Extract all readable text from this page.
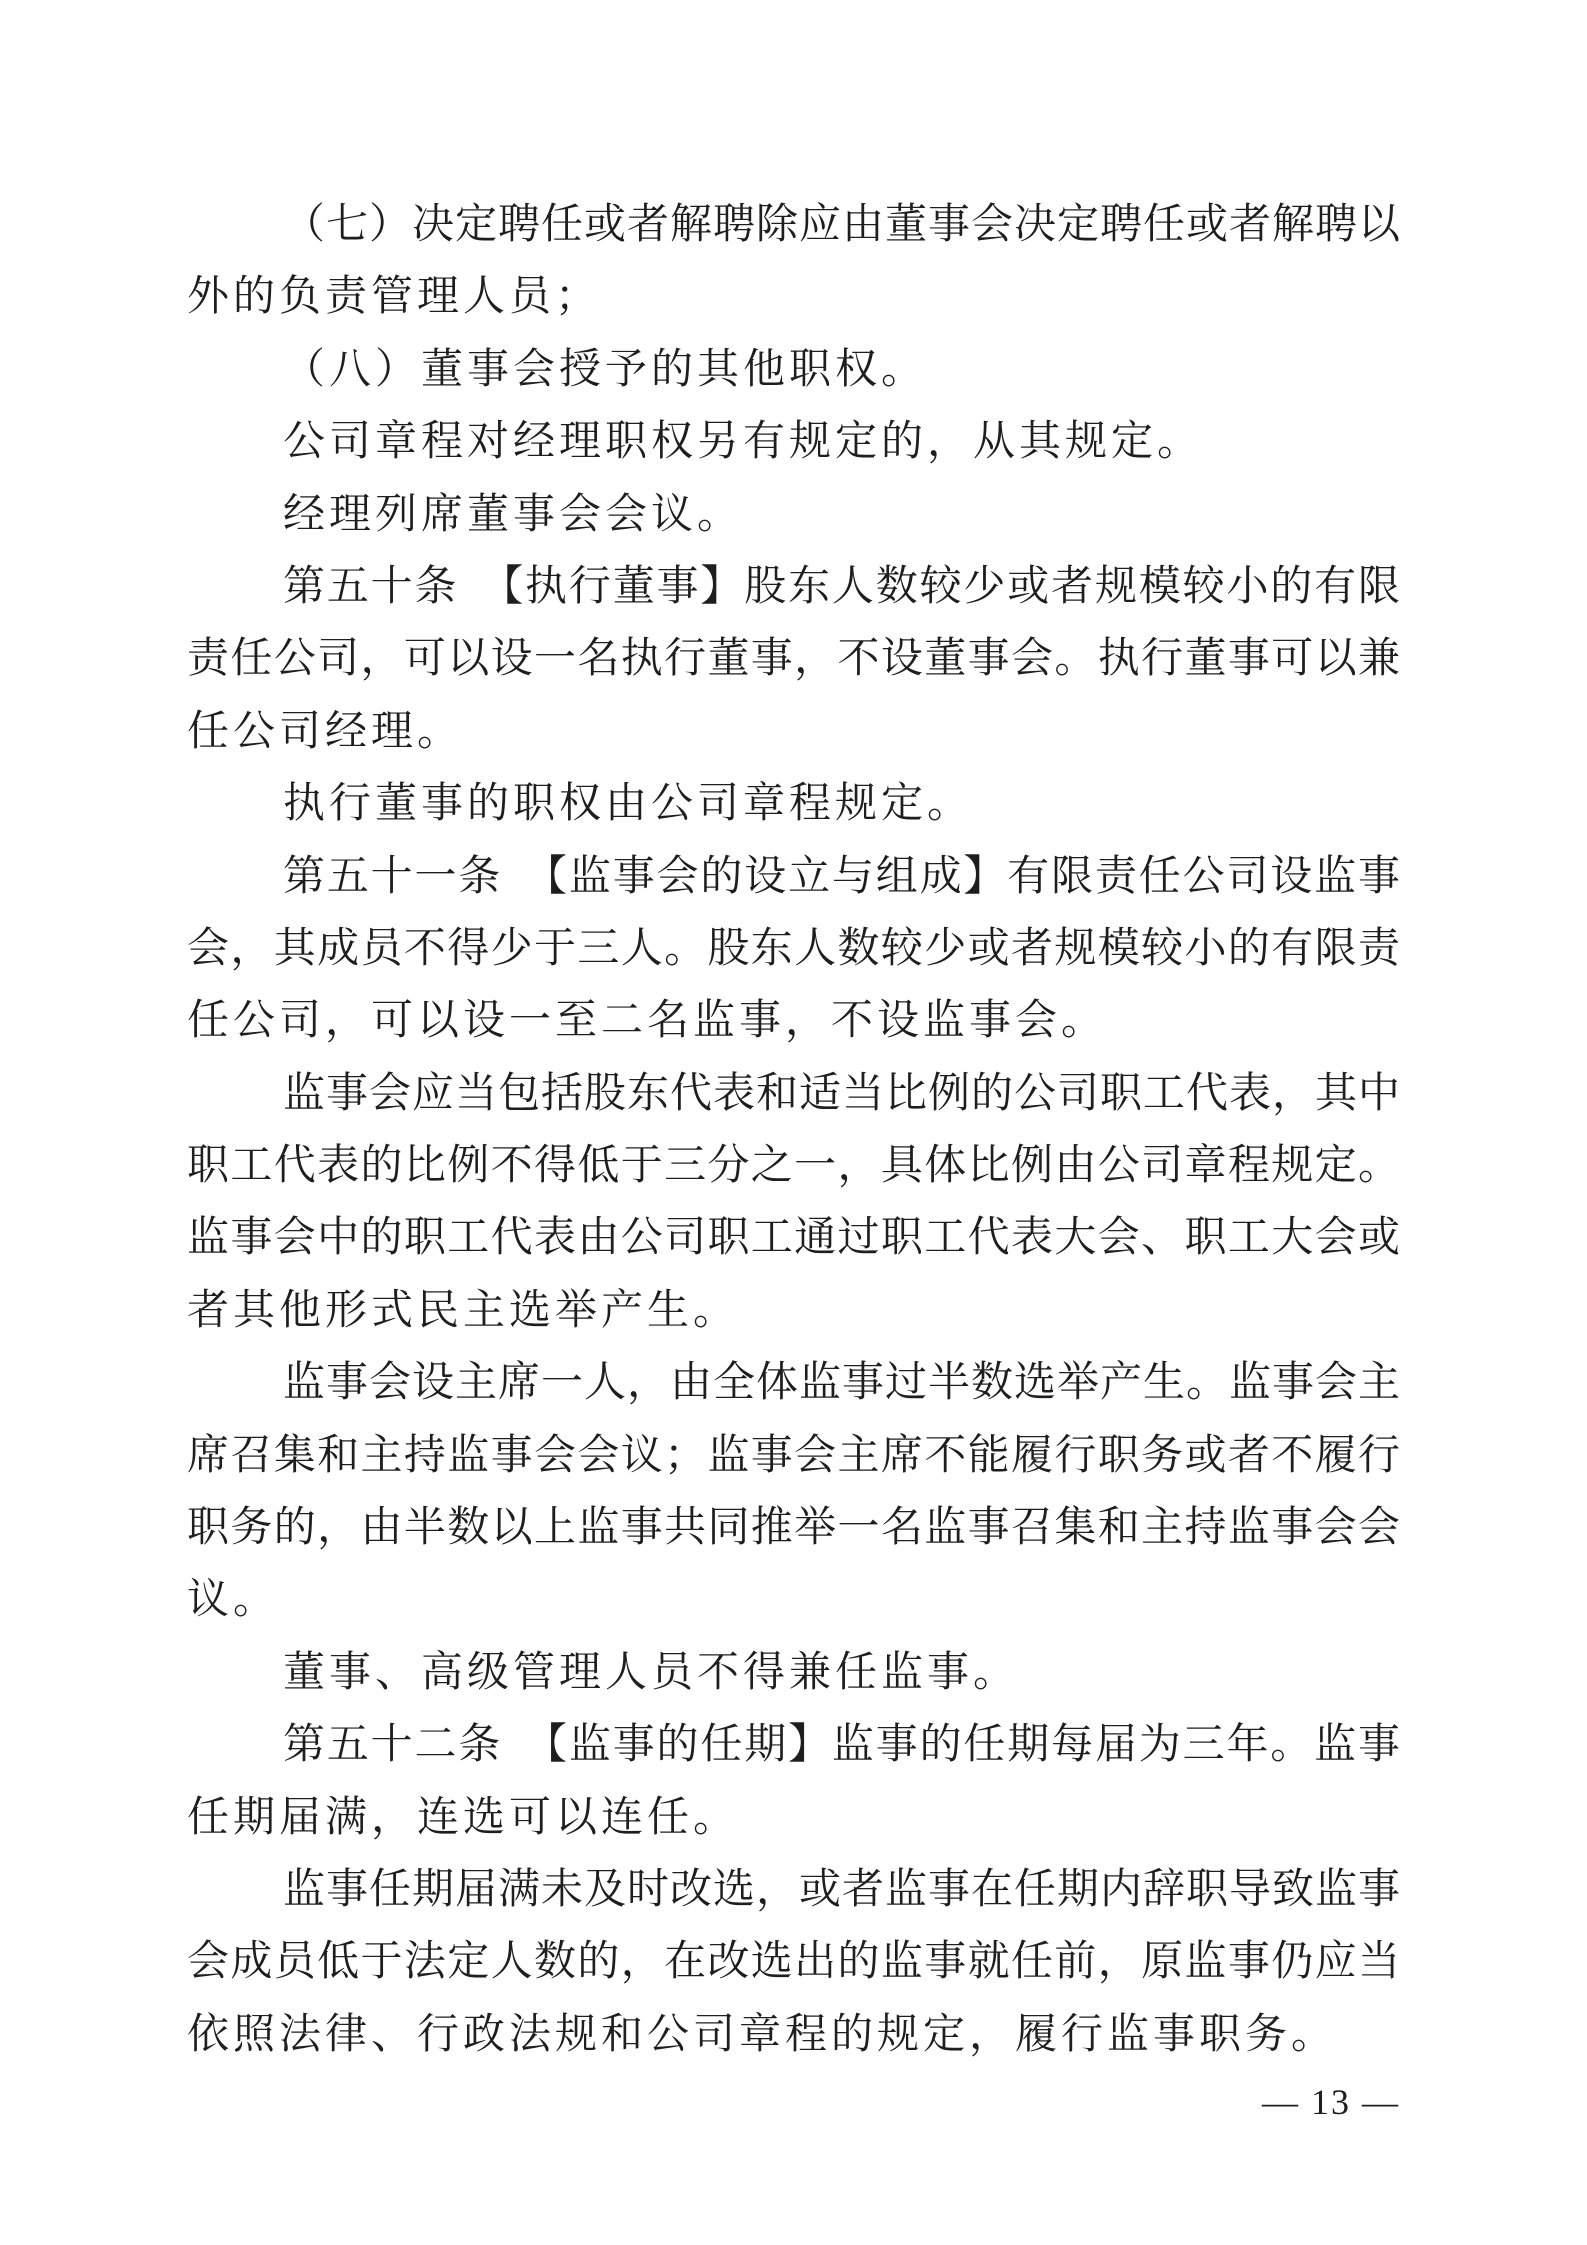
（七）决定聘任或者解聘除应由董事会决定聘任或者解聘以
外的负责管理人员；
（八）董事会授予的其他职权。
公司章程对经理职权另有规定的，从其规定。
经理列席董事会会议。
第五十条　【执行董事】股东人数较少或者规模较小的有限
责任公司，可以设一名执行董事，不设董事会。执行董事可以兼
任公司经理。
执行董事的职权由公司章程规定。
第五十一条　【监事会的设立与组成】有限责任公司设监事
会，其成员不得少于三人。股东人数较少或者规模较小的有限责
任公司，可以设一至二名监事，不设监事会。
监事会应当包括股东代表和适当比例的公司职工代表，其中
职工代表的比例不得低于三分之一，具体比例由公司章程规定。
监事会中的职工代表由公司职工通过职工代表大会、职工大会或
者其他形式民主选举产生。
监事会设主席一人，由全体监事过半数选举产生。监事会主
席召集和主持监事会会议；监事会主席不能履行职务或者不履行
职务的，由半数以上监事共同推举一名监事召集和主持监事会会
议。
董事、高级管理人员不得兼任监事。
第五十二条　【监事的任期】监事的任期每届为三年。监事
任期届满，连选可以连任。
监事任期届满未及时改选，或者监事在任期内辞职导致监事
会成员低于法定人数的，在改选出的监事就任前，原监事仍应当
依照法律、行政法规和公司章程的规定，履行监事职务。
— 13 —
